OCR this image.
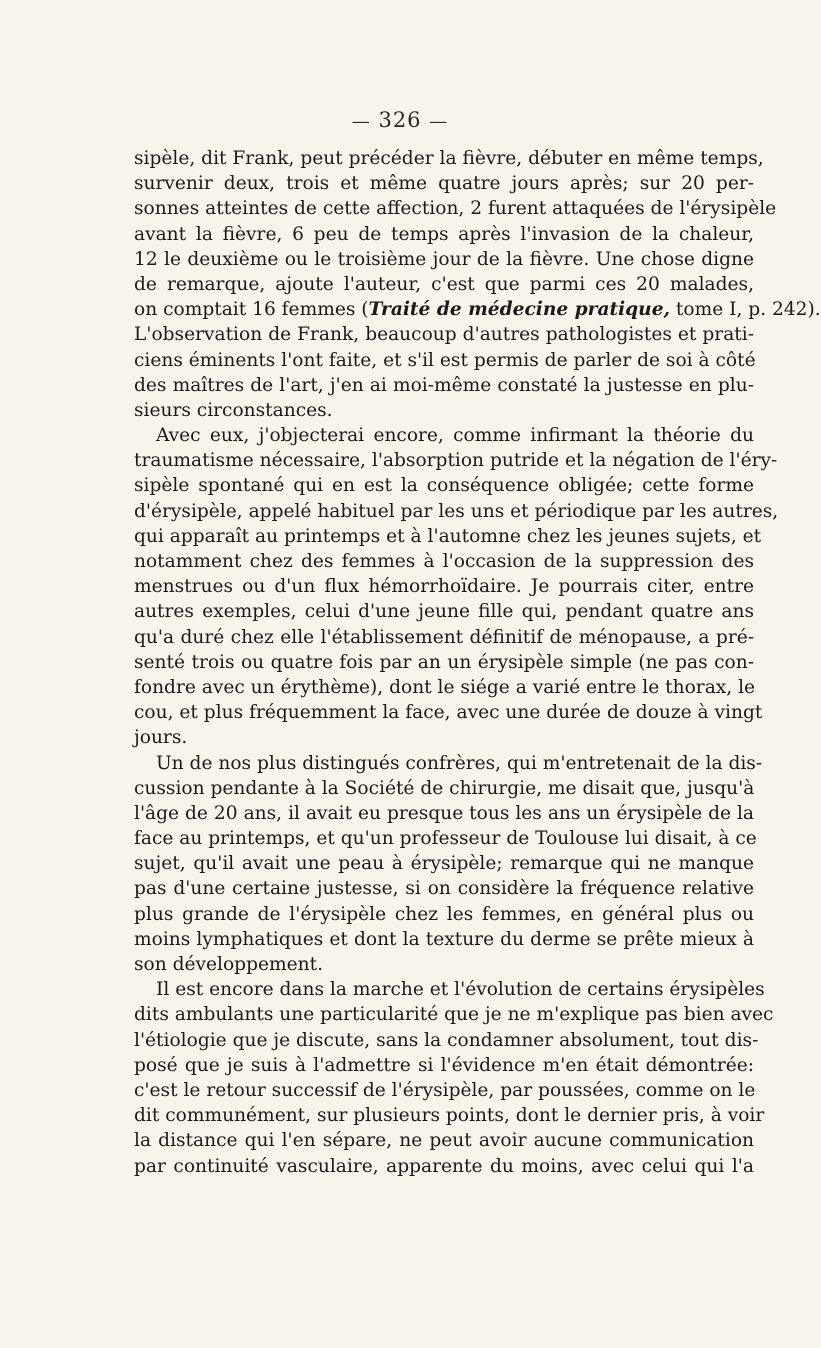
— 326 —
sipèle, dit Frank, peut précéder la fièvre, débuter en même temps,
survenir deux, trois et même quatre jours après; sur 20 per-
sonnes atteintes de cette affection, 2 furent attaquées de l'érysipèle
avant la fièvre, 6 peu de temps après l'invasion de la chaleur,
12 le deuxième ou le troisième jour de la fièvre. Une chose digne
de remarque, ajoute l'auteur, c'est que parmi ces 20 malades,
on comptait 16 femmes (Traité de médecine pratique, tome I, p. 242).
L'observation de Frank, beaucoup d'autres pathologistes et prati-
ciens éminents l'ont faite, et s'il est permis de parler de soi à côté
des maîtres de l'art, j'en ai moi-même constaté la justesse en plu-
sieurs circonstances.
Avec eux, j'objecterai encore, comme infirmant la théorie du
traumatisme nécessaire, l'absorption putride et la négation de l'éry-
sipèle spontané qui en est la conséquence obligée; cette forme
d'érysipèle, appelé habituel par les uns et périodique par les autres,
qui apparaît au printemps et à l'automne chez les jeunes sujets, et
notamment chez des femmes à l'occasion de la suppression des
menstrues ou d'un flux hémorrhoïdaire. Je pourrais citer, entre
autres exemples, celui d'une jeune fille qui, pendant quatre ans
qu'a duré chez elle l'établissement définitif de ménopause, a pré-
senté trois ou quatre fois par an un érysipèle simple (ne pas con-
fondre avec un érythème), dont le siége a varié entre le thorax, le
cou, et plus fréquemment la face, avec une durée de douze à vingt
jours.
Un de nos plus distingués confrères, qui m'entretenait de la dis-
cussion pendante à la Société de chirurgie, me disait que, jusqu'à
l'âge de 20 ans, il avait eu presque tous les ans un érysipèle de la
face au printemps, et qu'un professeur de Toulouse lui disait, à ce
sujet, qu'il avait une peau à érysipèle; remarque qui ne manque
pas d'une certaine justesse, si on considère la fréquence relative
plus grande de l'érysipèle chez les femmes, en général plus ou
moins lymphatiques et dont la texture du derme se prête mieux à
son développement.
Il est encore dans la marche et l'évolution de certains érysipèles
dits ambulants une particularité que je ne m'explique pas bien avec
l'étiologie que je discute, sans la condamner absolument, tout dis-
posé que je suis à l'admettre si l'évidence m'en était démontrée:
c'est le retour successif de l'érysipèle, par poussées, comme on le
dit communément, sur plusieurs points, dont le dernier pris, à voir
la distance qui l'en sépare, ne peut avoir aucune communication
par continuité vasculaire, apparente du moins, avec celui qui l'a
